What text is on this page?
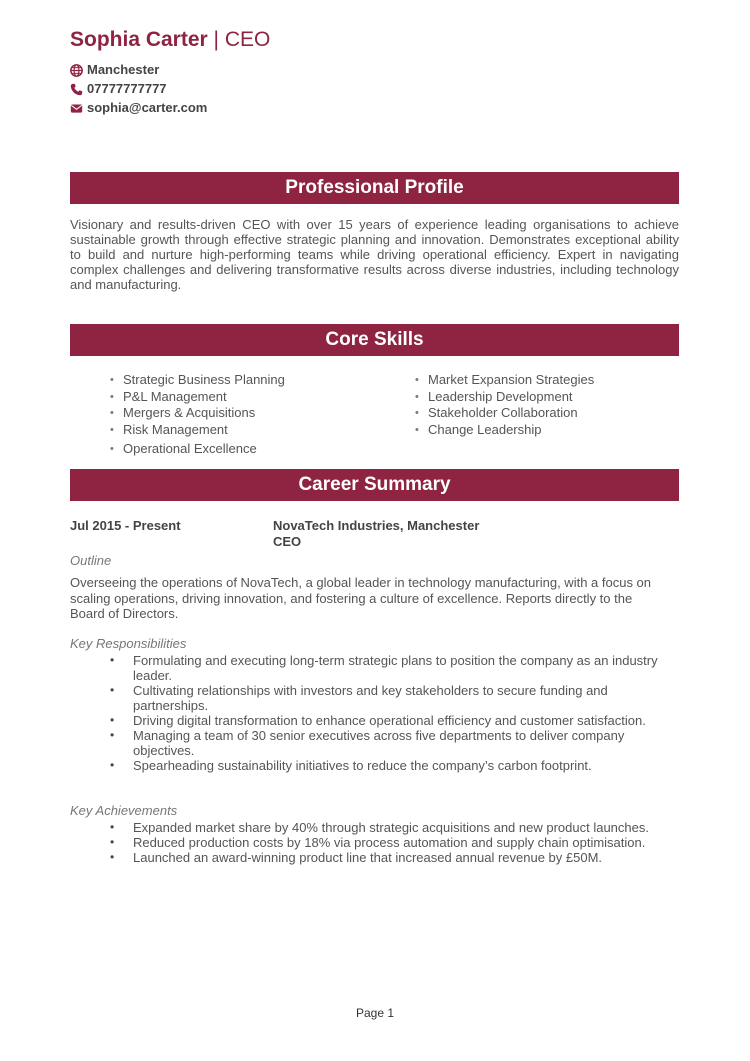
Sophia Carter | CEO
Manchester
07777777777
sophia@carter.com
Professional Profile

Visionary and results-driven CEO with over 15 years of experience leading organisations to achieve sustainable growth through effective strategic planning and innovation. Demonstrates exceptional ability to build and nurture high-performing teams while driving operational efficiency. Expert in navigating complex challenges and delivering transformative results across diverse industries, including technology and manufacturing.

Core Skills
• Strategic Business Planning
• P&L Management
• Mergers & Acquisitions
• Risk Management
• Market Expansion Strategies
• Leadership Development
• Stakeholder Collaboration
• Change Leadership
• Operational Excellence
Career Summary
Jul 2015 - Present	NovaTech Industries, Manchester
CEO
Outline

Overseeing the operations of NovaTech, a global leader in technology manufacturing, with a focus on scaling operations, driving innovation, and fostering a culture of excellence. Reports directly to the Board of Directors.

Key Responsibilities
• Formulating and executing long-term strategic plans to position the company as an industry leader.
• Cultivating relationships with investors and key stakeholders to secure funding and partnerships.
• Driving digital transformation to enhance operational efficiency and customer satisfaction.
• Managing a team of 30 senior executives across five departments to deliver company objectives.
• Spearheading sustainability initiatives to reduce the company’s carbon footprint.
Key Achievements
• Expanded market share by 40% through strategic acquisitions and new product launches.
• Reduced production costs by 18% via process automation and supply chain optimisation.
• Launched an award-winning product line that increased annual revenue by £50M.
Page 1
